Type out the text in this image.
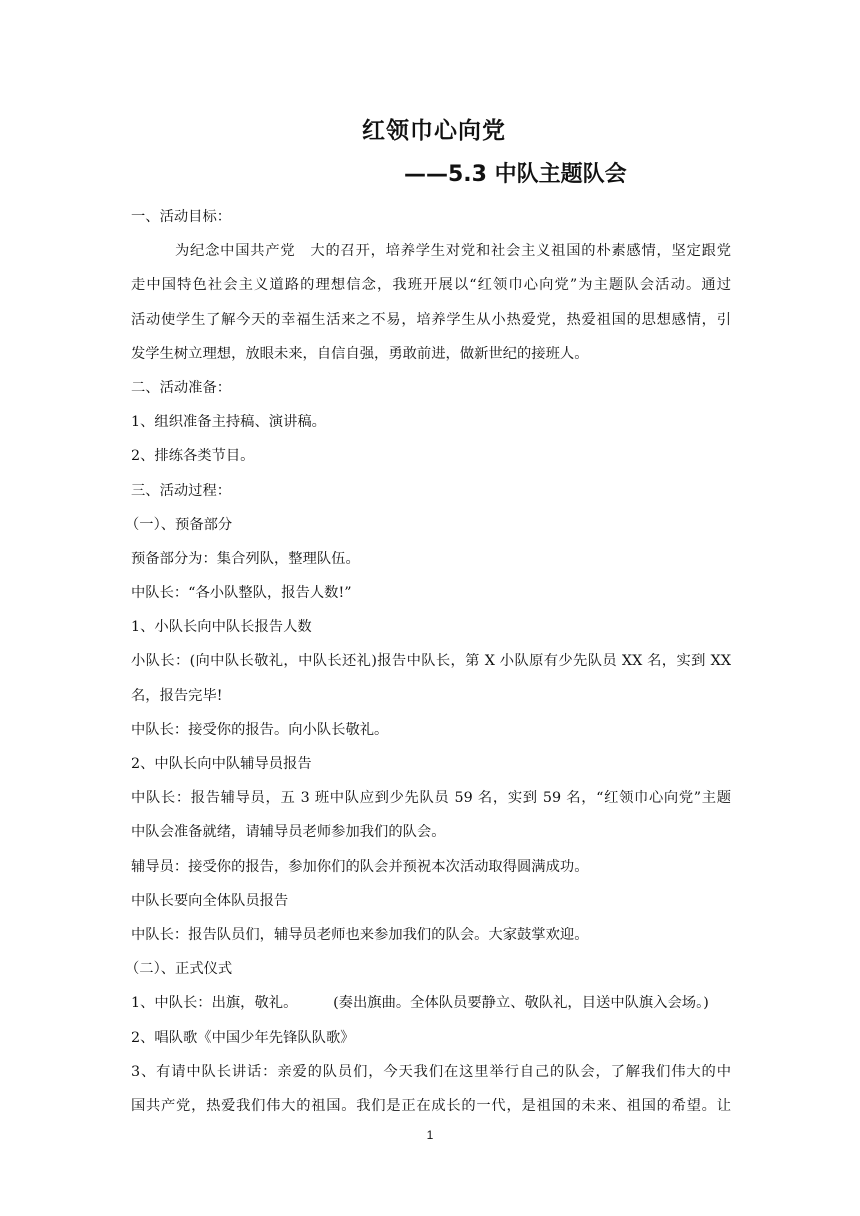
红领巾心向党
——5.3 中队主题队会
一、活动目标：
为纪念中国共产党　大的召开，培养学生对党和社会主义祖国的朴素感情，坚定跟党
走中国特色社会主义道路的理想信念，我班开展以“红领巾心向党”为主题队会活动。通过
活动使学生了解今天的幸福生活来之不易，培养学生从小热爱党，热爱祖国的思想感情，引
发学生树立理想，放眼未来，自信自强，勇敢前进，做新世纪的接班人。
二、活动准备：
1、组织准备主持稿、演讲稿。
2、排练各类节目。
三、活动过程：
（一）、预备部分
预备部分为：集合列队，整理队伍。
中队长：“各小队整队，报告人数!”
1、小队长向中队长报告人数
小队长：(向中队长敬礼，中队长还礼)报告中队长，第 X 小队原有少先队员 XX 名，实到 XX
名，报告完毕!
中队长：接受你的报告。向小队长敬礼。
2、中队长向中队辅导员报告
中队长：报告辅导员，五 3 班中队应到少先队员 59 名，实到 59 名，“红领巾心向党”主题
中队会准备就绪，请辅导员老师参加我们的队会。
辅导员：接受你的报告，参加你们的队会并预祝本次活动取得圆满成功。
中队长要向全体队员报告
中队长：报告队员们，辅导员老师也来参加我们的队会。大家鼓掌欢迎。
（二）、正式仪式
1、中队长：出旗，敬礼。　　　(奏出旗曲。全体队员要静立、敬队礼，目送中队旗入会场。)
2、唱队歌《中国少年先锋队队歌》
3、有请中队长讲话：亲爱的队员们，今天我们在这里举行自己的队会，了解我们伟大的中
国共产党，热爱我们伟大的祖国。我们是正在成长的一代，是祖国的未来、祖国的希望。让
1
